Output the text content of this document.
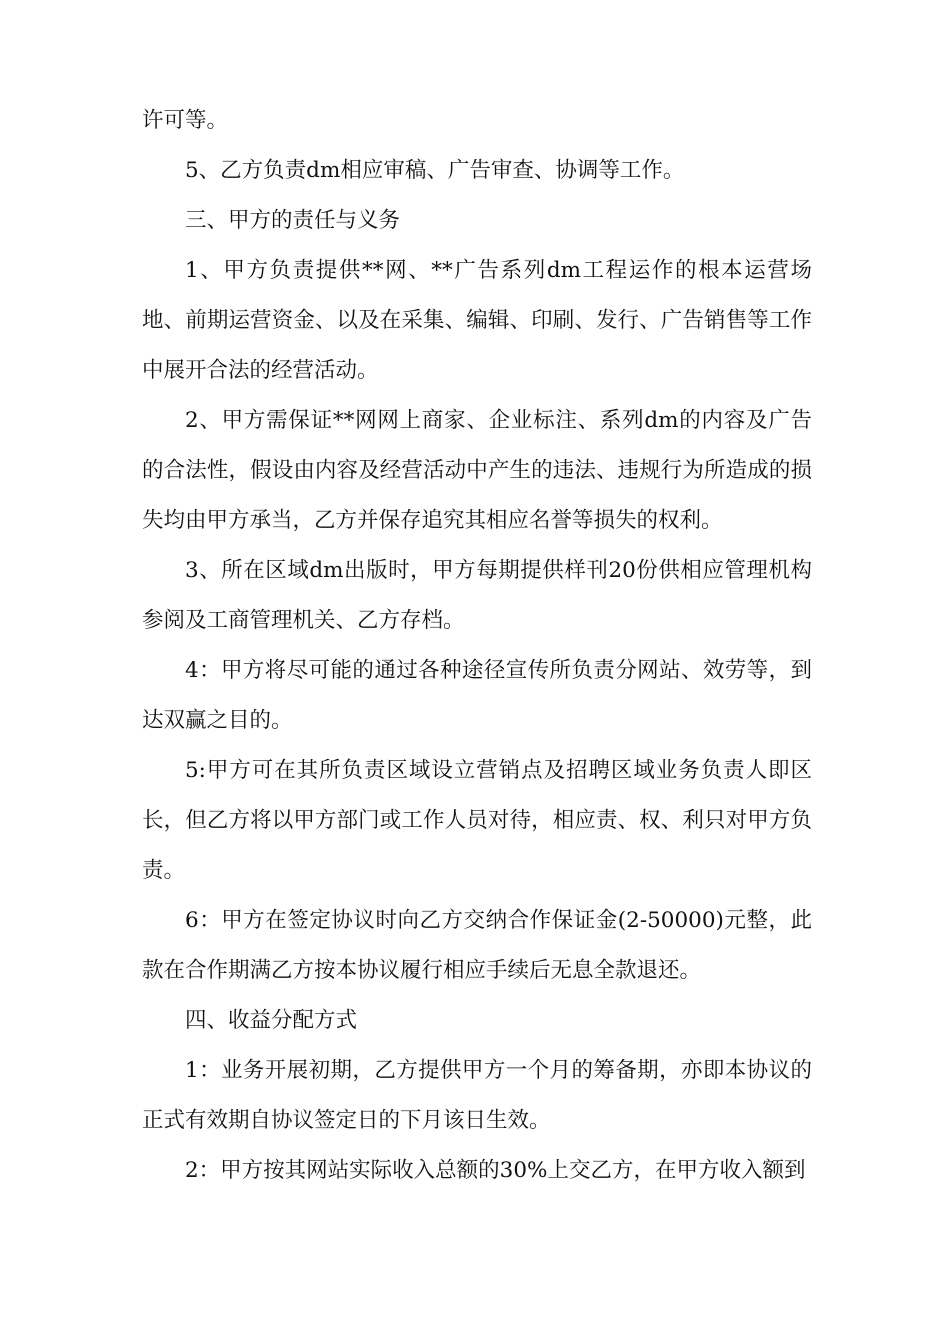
许可等。

5、乙方负责dm相应审稿、广告审查、协调等工作。

三、甲方的责任与义务

1、甲方负责提供**网、**广告系列dm工程运作的根本运营场地、前期运营资金、以及在采集、编辑、印刷、发行、广告销售等工作中展开合法的经营活动。

2、甲方需保证**网网上商家、企业标注、系列dm的内容及广告的合法性，假设由内容及经营活动中产生的违法、违规行为所造成的损失均由甲方承当，乙方并保存追究其相应名誉等损失的权利。

3、所在区域dm出版时，甲方每期提供样刊20份供相应管理机构参阅及工商管理机关、乙方存档。

4：甲方将尽可能的通过各种途径宣传所负责分网站、效劳等，到达双赢之目的。

5:甲方可在其所负责区域设立营销点及招聘区域业务负责人即区长，但乙方将以甲方部门或工作人员对待，相应责、权、利只对甲方负责。

6：甲方在签定协议时向乙方交纳合作保证金(2-50000)元整，此款在合作期满乙方按本协议履行相应手续后无息全款退还。

四、收益分配方式

1：业务开展初期，乙方提供甲方一个月的筹备期，亦即本协议的正式有效期自协议签定日的下月该日生效。

2：甲方按其网站实际收入总额的30%上交乙方，在甲方收入额到
